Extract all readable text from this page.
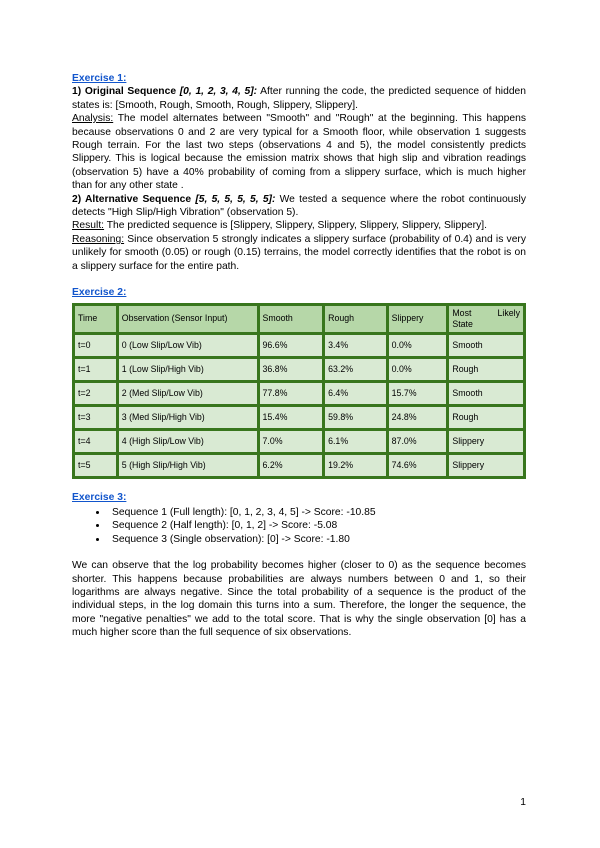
Exercise 1:

1) Original Sequence [0, 1, 2, 3, 4, 5]: After running the code, the predicted sequence of hidden states is: [Smooth, Rough, Smooth, Rough, Slippery, Slippery].

Analysis: The model alternates between "Smooth" and "Rough" at the beginning. This happens because observations 0 and 2 are very typical for a Smooth floor, while observation 1 suggests Rough terrain. For the last two steps (observations 4 and 5), the model consistently predicts Slippery. This is logical because the emission matrix shows that high slip and vibration readings (observation 5) have a 40% probability of coming from a slippery surface, which is much higher than for any other state .

2) Alternative Sequence [5, 5, 5, 5, 5, 5]: We tested a sequence where the robot continuously detects "High Slip/High Vibration" (observation 5).

Result: The predicted sequence is [Slippery, Slippery, Slippery, Slippery, Slippery, Slippery].

Reasoning: Since observation 5 strongly indicates a slippery surface (probability of 0.4) and is very unlikely for smooth (0.05) or rough (0.15) terrains, the model correctly identifies that the robot is on a slippery surface for the entire path.

Exercise 2:

Time	Observation (Sensor Input)	Smooth	Rough	Slippery	Most Likely
State

t=0	0 (Low Slip/Low Vib)	96.6%	3.4%	0.0%	Smooth
t=1	1 (Low Slip/High Vib)	36.8%	63.2%	0.0%	Rough
t=2	2 (Med Slip/Low Vib)	77.8%	6.4%	15.7%	Smooth
t=3	3 (Med Slip/High Vib)	15.4%	59.8%	24.8%	Rough
t=4	4 (High Slip/Low Vib)	7.0%	6.1%	87.0%	Slippery
t=5	5 (High Slip/High Vib)	6.2%	19.2%	74.6%	Slippery

Exercise 3:

• Sequence 1 (Full length): [0, 1, 2, 3, 4, 5] -> Score: -10.85
• Sequence 2 (Half length): [0, 1, 2] -> Score: -5.08
• Sequence 3 (Single observation): [0] -> Score: -1.80

We can observe that the log probability becomes higher (closer to 0) as the sequence becomes shorter. This happens because probabilities are always numbers between 0 and 1, so their logarithms are always negative. Since the total probability of a sequence is the product of the individual steps, in the log domain this turns into a sum. Therefore, the longer the sequence, the more "negative penalties" we add to the total score. That is why the single observation [0] has a much higher score than the full sequence of six observations.

1
